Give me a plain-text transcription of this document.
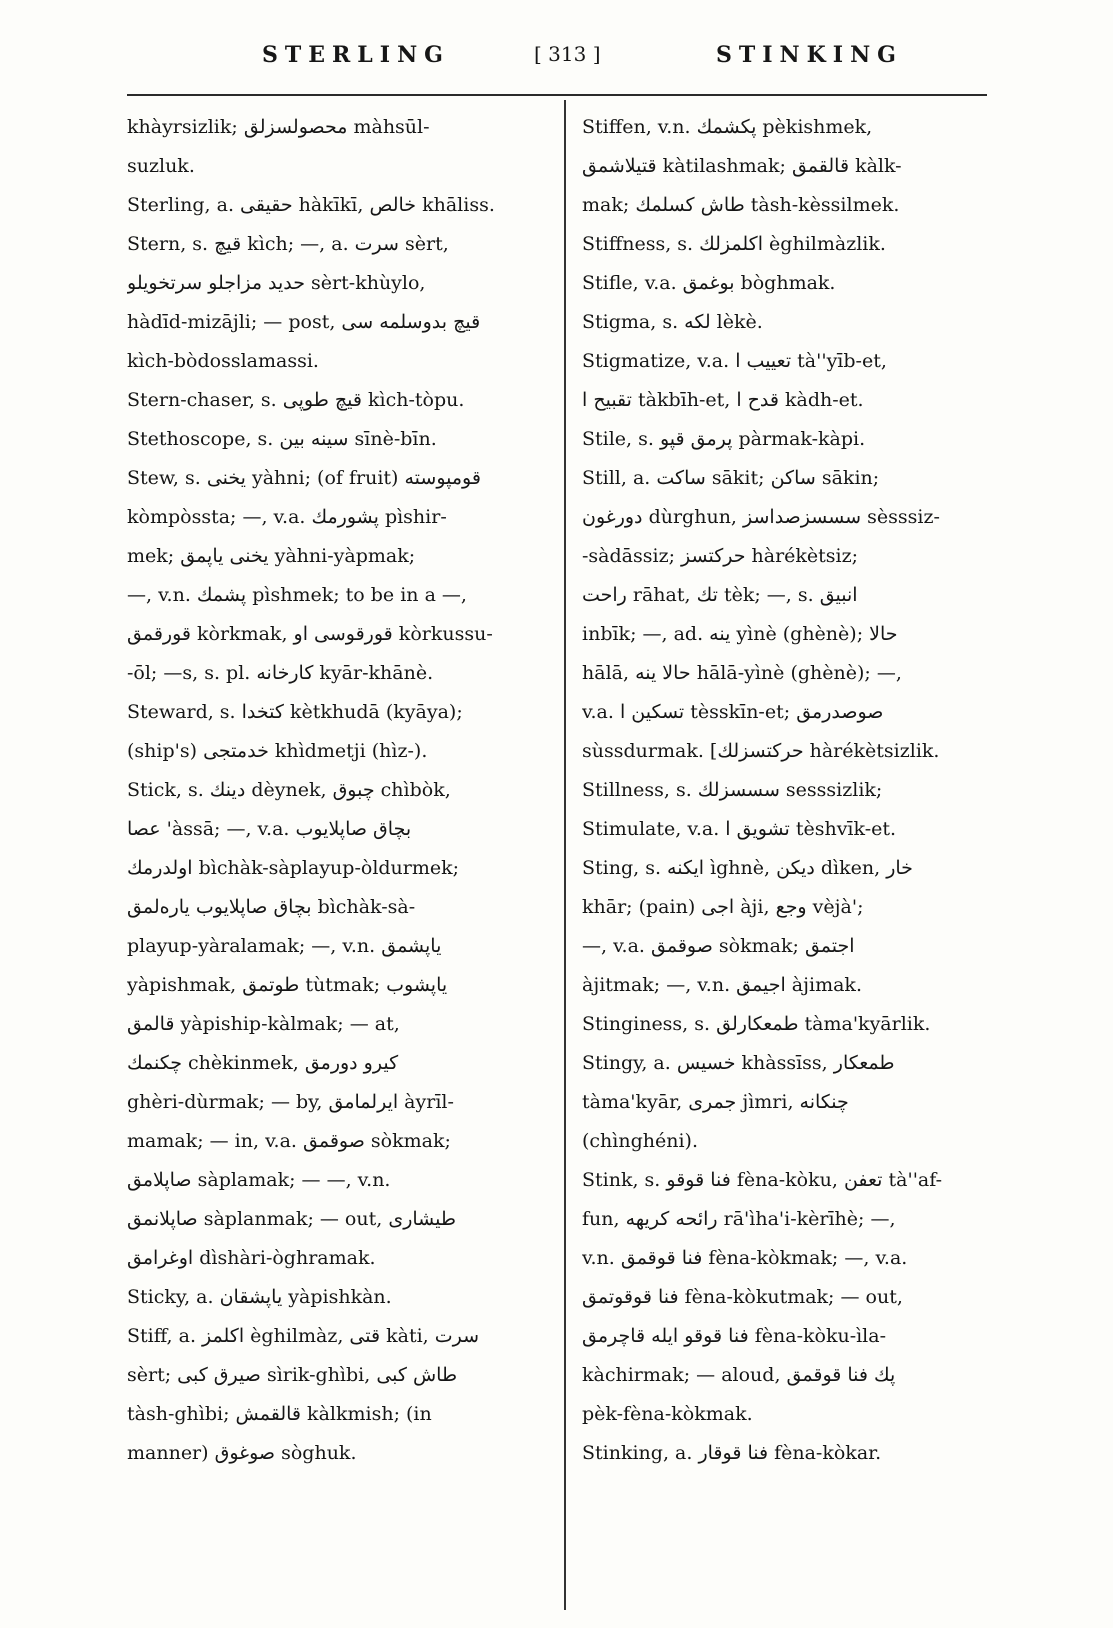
STERLING	[ 313 ]	STINKING
khàyrsizlik; محصولسزلق màhsūl-
suzluk.
Sterling, a. حقيقى hàkīkī, خالص khāliss.
Stern, s. قيچ kìch; —, a. سرت sèrt,
حديد مزاجلو سرتخويلو sèrt-khùylo,
hàdīd-mizājli; — post, قيچ بدوسلمه سى
kìch-bòdosslamassi.
Stern-chaser, s. قيچ طوپى kìch-tòpu.
Stethoscope, s. سينه بين sīnè-bīn.
Stew, s. يخنى yàhni; (of fruit) قومپوسته
kòmpòssta; —, v.a. پشورمك pìshir-
mek; يخنى ياپمق yàhni-yàpmak;
—, v.n. پشمك pìshmek; to be in a —,
قورقمق kòrkmak, قورقوسى او kòrkussu-
-ōl; —s, s. pl. كارخانه kyār-khānè.
Steward, s. كتخدا kètkhudā (kyāya);
(ship's) خدمتجى khìdmetji (hìz-).
Stick, s. دينك dèynek, چبوق chìbòk,
عصا 'àssā; —, v.a. بچاق صاپلايوب
اولدرمك bìchàk-sàplayup-òldurmek;
بچاق صاپلايوب يارەلمق bìchàk-sà-
playup-yàralamak; —, v.n. ياپشمق
yàpishmak, طوتمق tùtmak; ياپشوب
قالمق yàpiship-kàlmak; — at,
چكنمك chèkinmek, كيرو دورمق
ghèri-dùrmak; — by, ايرلمامق àyrīl-
mamak; — in, v.a. صوقمق sòkmak;
صاپلامق sàplamak; — —, v.n.
صاپلانمق sàplanmak; — out, طيشارى
اوغرامق dìshàri-òghramak.
Sticky, a. ياپشقان yàpishkàn.
Stiff, a. اكلمز èghilmàz, قتى kàti, سرت
sèrt; صيرق كبى sìrik-ghìbi, طاش كبى
tàsh-ghìbi; قالقمش kàlkmish; (in
manner) صوغوق sòghuk.
Stiffen, v.n. پكشمك pèkishmek,
قتيلاشمق kàtilashmak; قالقمق kàlk-
mak; طاش كسلمك tàsh-kèssilmek.
Stiffness, s. اكلمزلك èghilmàzlik.
Stifle, v.a. بوغمق bòghmak.
Stigma, s. لكه lèkè.
Stigmatize, v.a. تعييب ا tà''yīb-et,
تقبيح ا tàkbīh-et, قدح ا kàdh-et.
Stile, s. پرمق قپو pàrmak-kàpi.
Still, a. ساكت sākit; ساكن sākin;
دورغون dùrghun, سسسزصداسز sèsssiz-
-sàdāssiz; حركتسز hàrékètsiz;
راحت rāhat, تك tèk; —, s. انبيق
inbīk; —, ad. ينه yìnè (ghènè); حالا
hālā, حالا ينه hālā-yìnè (ghènè); —,
v.a. تسكين ا tèsskīn-et; صوصدرمق
sùssdurmak. [حركتسزلك hàrékètsizlik.
Stillness, s. سسسزلك sesssizlik;
Stimulate, v.a. تشويق ا tèshvīk-et.
Sting, s. ايكنه ìghnè, ديكن dìken, خار
khār; (pain) اجى àji, وجع vèjà';
—, v.a. صوقمق sòkmak; اجتمق
àjitmak; —, v.n. اجيمق àjimak.
Stinginess, s. طمعكارلق tàma'kyārlik.
Stingy, a. خسيس khàssīss, طمعكار
tàma'kyār, جمرى jìmri, چنكانه
(chìnghéni).
Stink, s. فنا قوقو fèna-kòku, تعفن tà''af-
fun, رائحه كريهه rā'ìha'i-kèrīhè; —,
v.n. فنا قوقمق fèna-kòkmak; —, v.a.
فنا قوقوتمق fèna-kòkutmak; — out,
فنا قوقو ايله قاچرمق fèna-kòku-ìla-
kàchirmak; — aloud, پك فنا قوقمق
pèk-fèna-kòkmak.
Stinking, a. فنا قوقار fèna-kòkar.
